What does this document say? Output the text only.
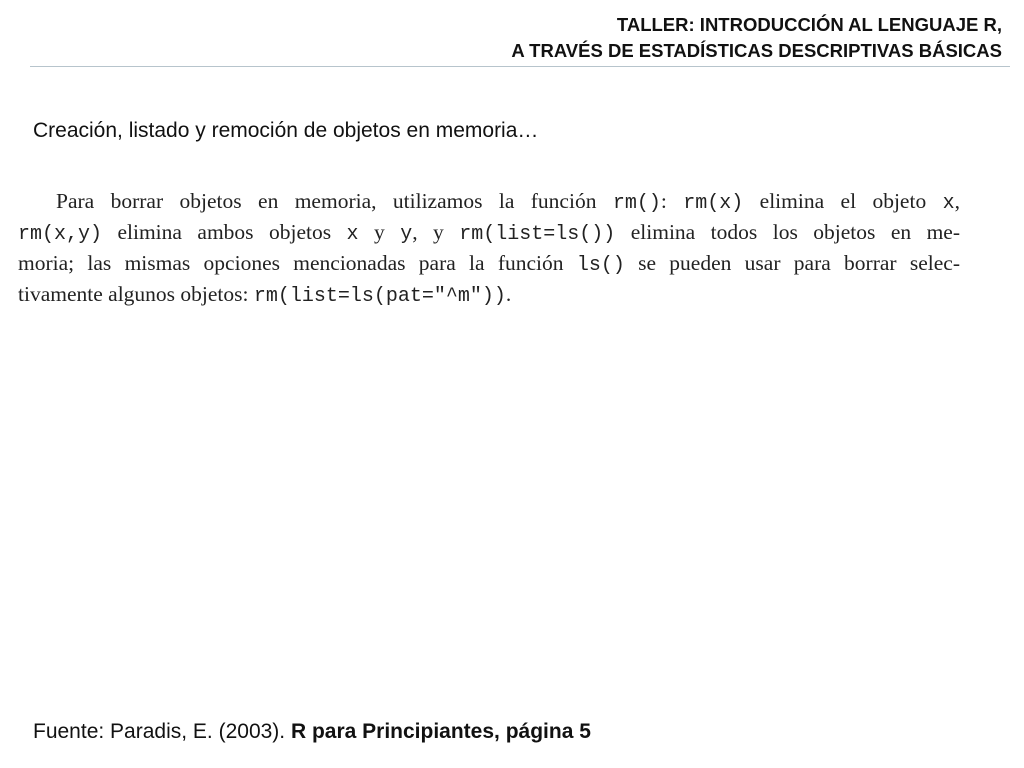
TALLER: INTRODUCCIÓN AL LENGUAJE R,
A TRAVÉS DE ESTADÍSTICAS DESCRIPTIVAS BÁSICAS
Creación, listado y remoción de objetos en memoria…
Para borrar objetos en memoria, utilizamos la función rm(): rm(x) elimina el objeto x,
rm(x,y) elimina ambos objetos x y y, y rm(list=ls()) elimina todos los objetos en me-
moria; las mismas opciones mencionadas para la función ls() se pueden usar para borrar selec-
tivamente algunos objetos: rm(list=ls(pat="^m")).
Fuente: Paradis, E. (2003). R para Principiantes, página 5
